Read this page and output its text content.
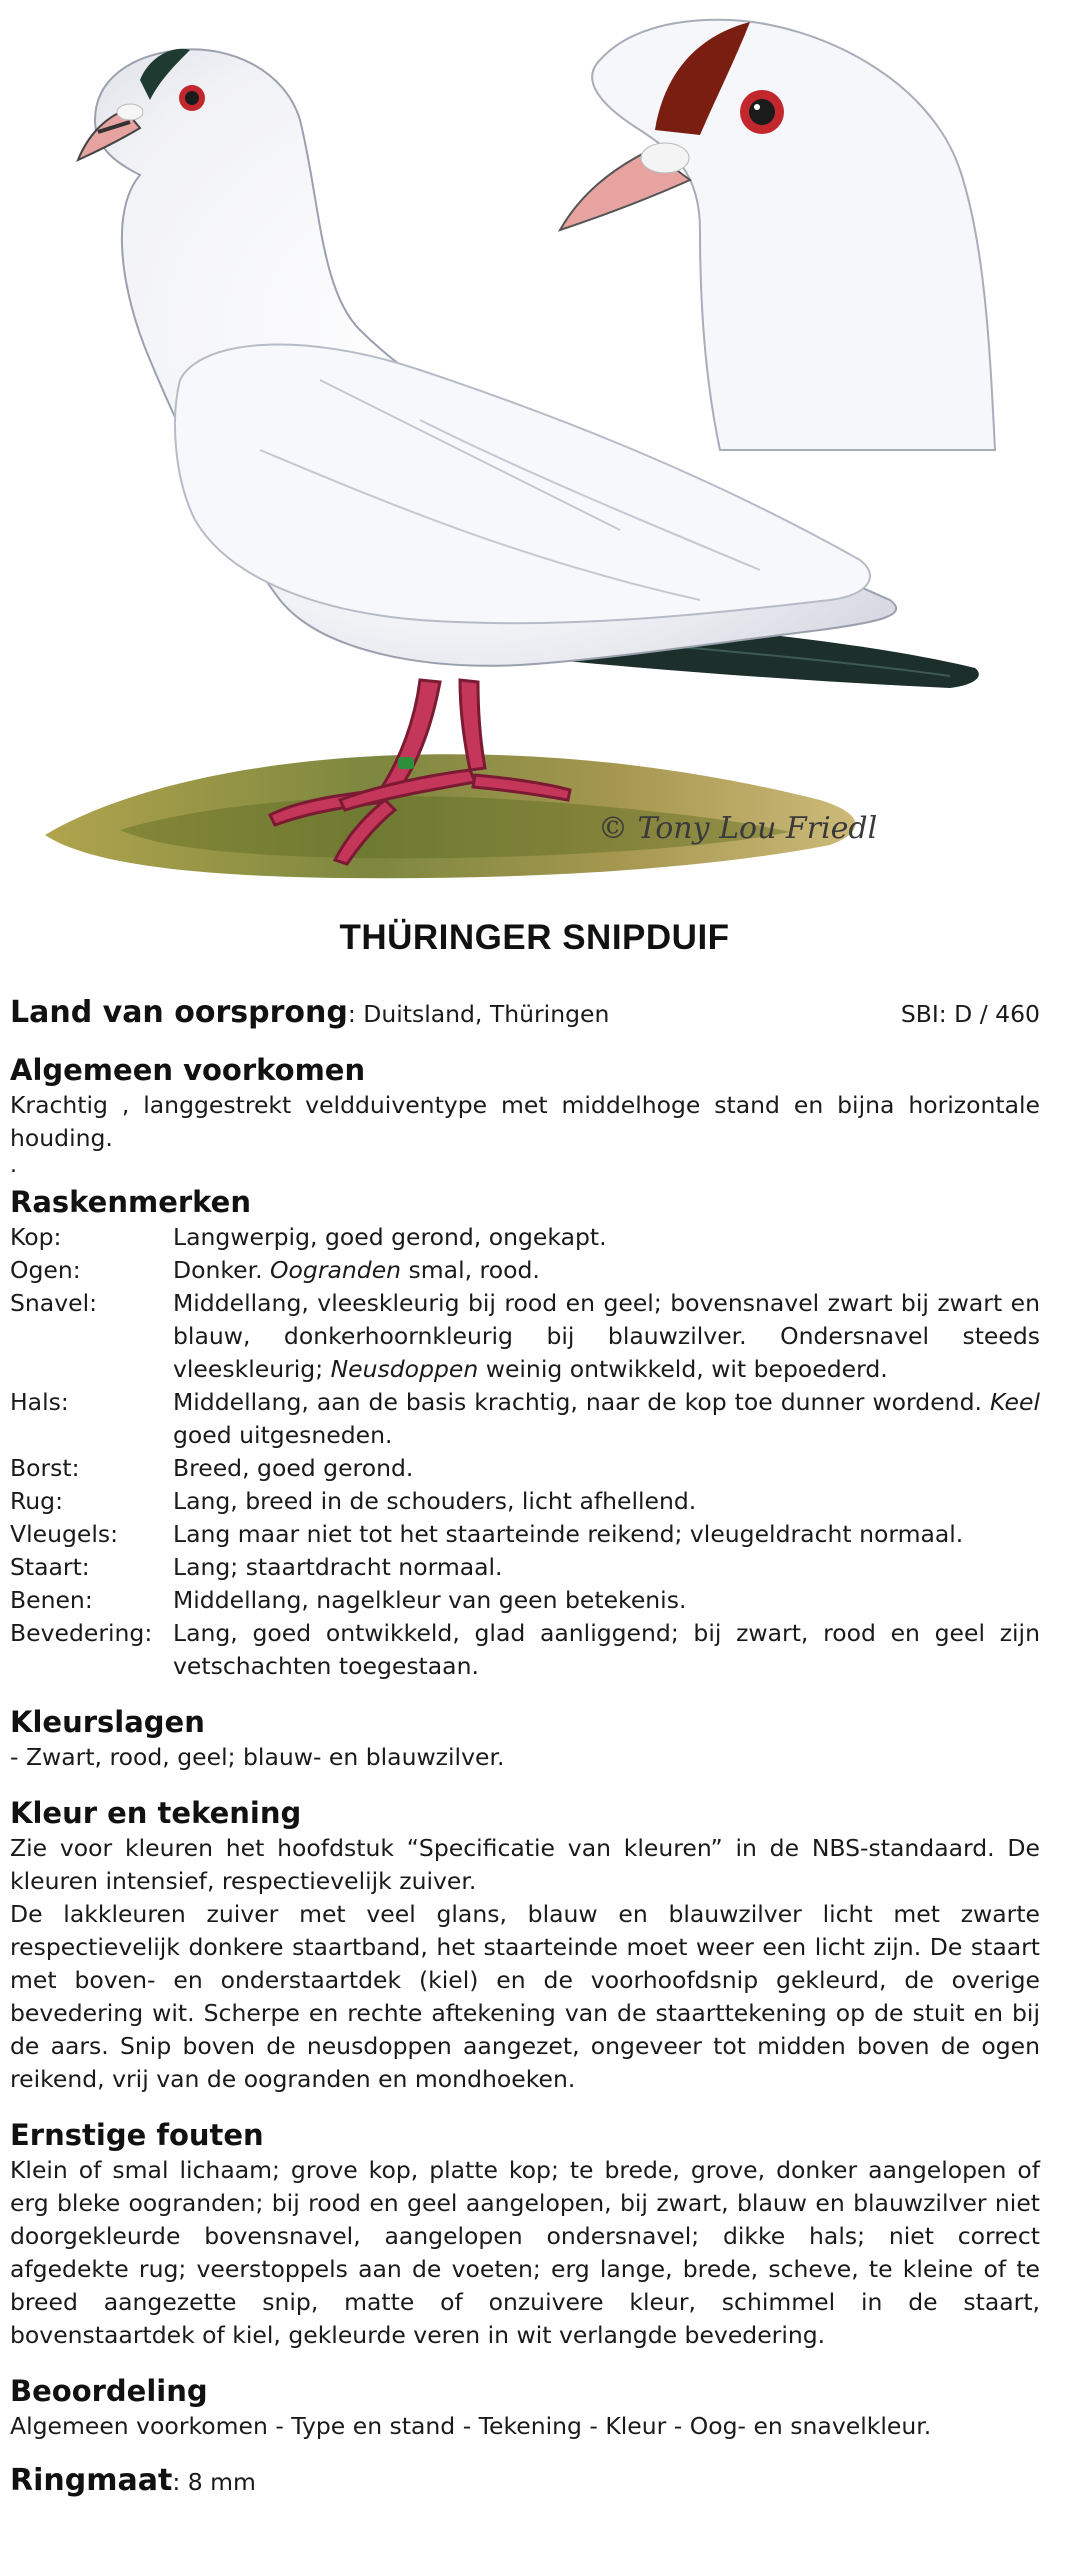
© Tony Lou Friedl
THÜRINGER SNIPDUIF
Land van oorsprong: Duitsland, Thüringen	SBI: D / 460
Algemeen voorkomen

Krachtig , langgestrekt veldduiventype met middelhoge stand en bijna horizontale houding.

.

Raskenmerken
Kop:	Langwerpig, goed gerond, ongekapt.
Ogen:	Donker. Oogranden smal, rood.
Snavel:	Middellang, vleeskleurig bij rood en geel; bovensnavel zwart bij zwart en blauw, donkerhoornkleurig bij blauwzilver. Ondersnavel steeds vleeskleurig; Neusdoppen weinig ontwikkeld, wit bepoederd.
Hals:	Middellang, aan de basis krachtig, naar de kop toe dunner wordend. Keel goed uitgesneden.
Borst:	Breed, goed gerond.
Rug:	Lang, breed in de schouders, licht afhellend.
Vleugels:	Lang maar niet tot het staarteinde reikend; vleugeldracht normaal.
Staart:	Lang; staartdracht normaal.
Benen:	Middellang, nagelkleur van geen betekenis.
Bevedering:	Lang, goed ontwikkeld, glad aanliggend; bij zwart, rood en geel zijn vetschachten toegestaan.
Kleurslagen

- Zwart, rood, geel; blauw- en blauwzilver.

Kleur en tekening

Zie voor kleuren het hoofdstuk “Specificatie van kleuren” in de NBS-standaard. De kleuren intensief, respectievelijk zuiver.

De lakkleuren zuiver met veel glans, blauw en blauwzilver licht met zwarte respectievelijk donkere staartband, het staarteinde moet weer een licht zijn. De staart met boven- en onderstaartdek (kiel) en de voorhoofdsnip gekleurd, de overige bevedering wit. Scherpe en rechte aftekening van de staarttekening op de stuit en bij de aars. Snip boven de neusdoppen aangezet, ongeveer tot midden boven de ogen reikend, vrij van de oogranden en mondhoeken.

Ernstige fouten

Klein of smal lichaam; grove kop, platte kop; te brede, grove, donker aangelopen of erg bleke oogranden; bij rood en geel aangelopen, bij zwart, blauw en blauwzilver niet doorgekleurde bovensnavel, aangelopen ondersnavel; dikke hals; niet correct afgedekte rug; veerstoppels aan de voeten; erg lange, brede, scheve, te kleine of te breed aangezette snip, matte of onzuivere kleur, schimmel in de staart, bovenstaartdek of kiel, gekleurde veren in wit verlangde bevedering.

Beoordeling

Algemeen voorkomen - Type en stand - Tekening - Kleur - Oog- en snavelkleur.

Ringmaat: 8 mm
